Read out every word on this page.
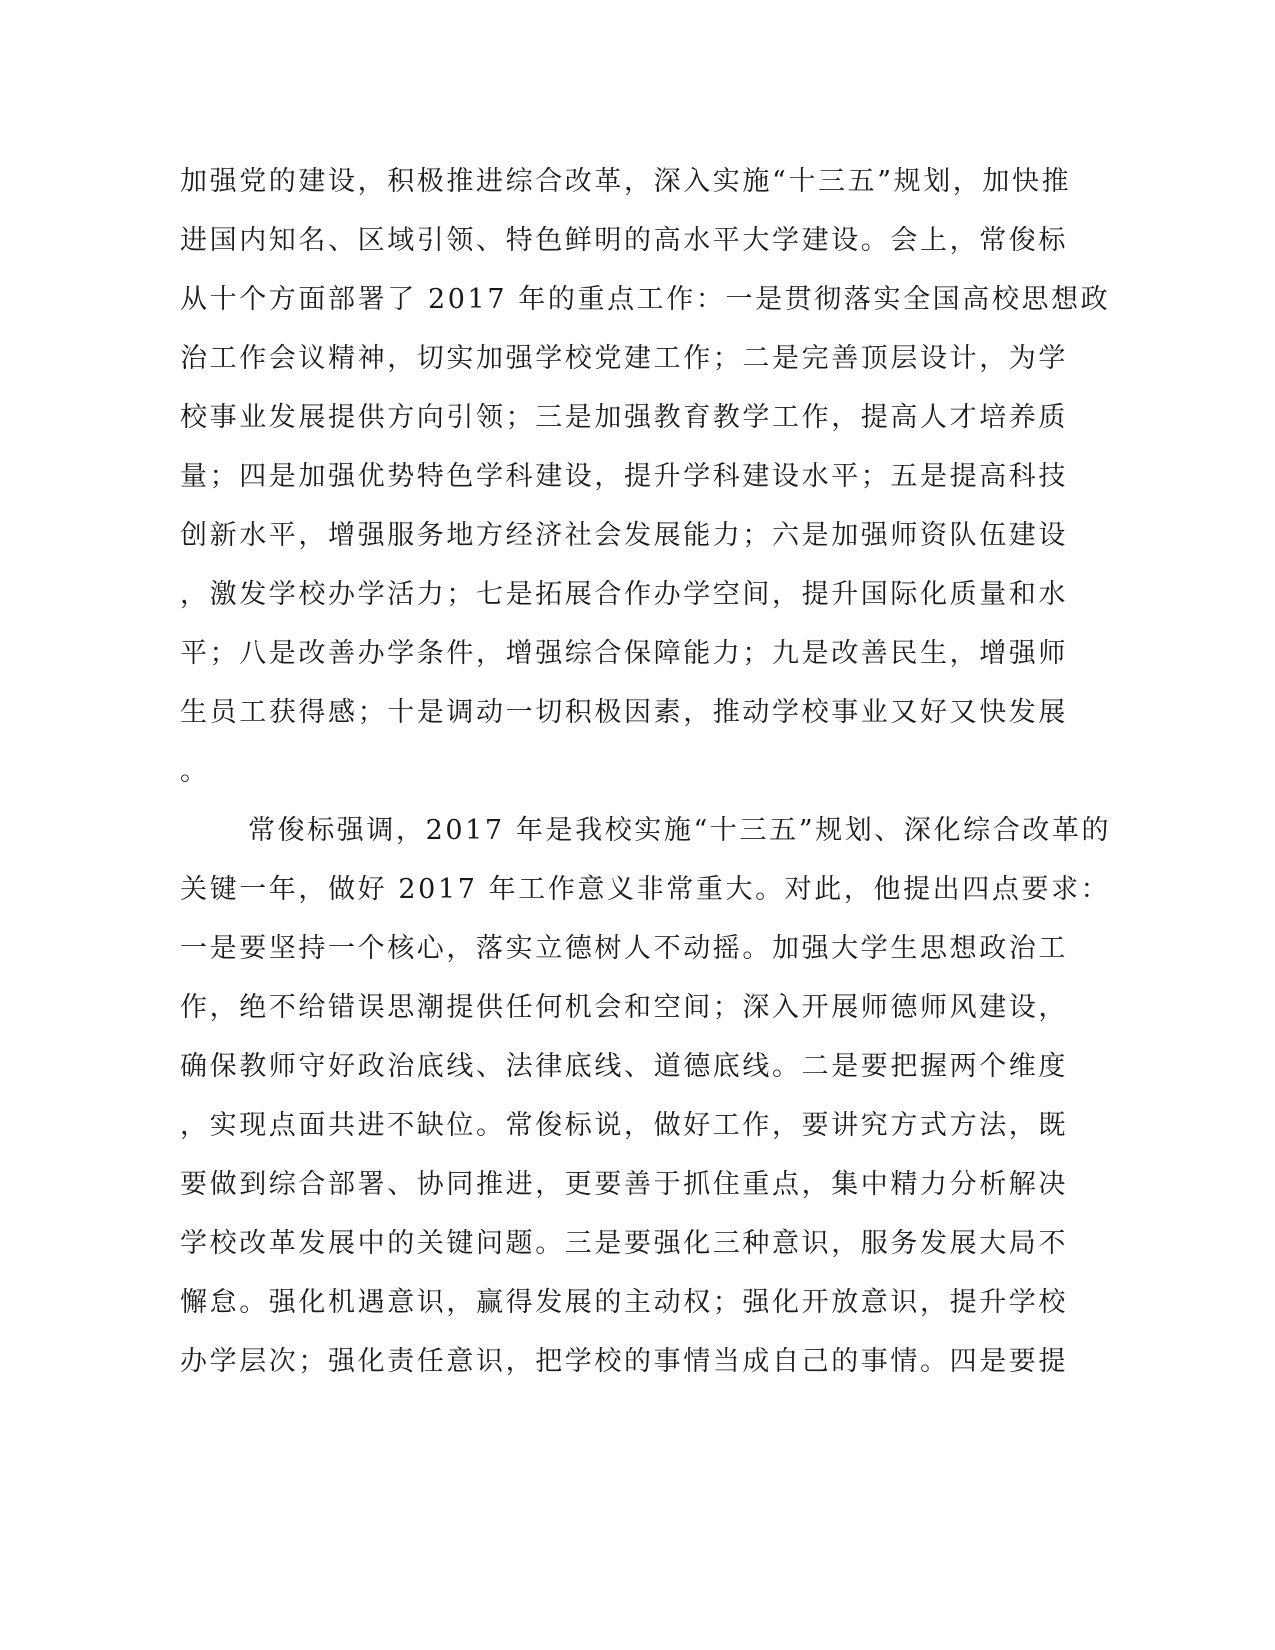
加强党的建设，积极推进综合改革，深入实施“十三五”规划，加快推
进国内知名、区域引领、特色鲜明的高水平大学建设。会上，常俊标
从十个方面部署了 2017 年的重点工作：一是贯彻落实全国高校思想政
治工作会议精神，切实加强学校党建工作；二是完善顶层设计，为学
校事业发展提供方向引领；三是加强教育教学工作，提高人才培养质
量；四是加强优势特色学科建设，提升学科建设水平；五是提高科技
创新水平，增强服务地方经济社会发展能力；六是加强师资队伍建设
，激发学校办学活力；七是拓展合作办学空间，提升国际化质量和水
平；八是改善办学条件，增强综合保障能力；九是改善民生，增强师
生员工获得感；十是调动一切积极因素，推动学校事业又好又快发展
。
常俊标强调，2017 年是我校实施“十三五”规划、深化综合改革的
关键一年，做好 2017 年工作意义非常重大。对此，他提出四点要求：
一是要坚持一个核心，落实立德树人不动摇。加强大学生思想政治工
作，绝不给错误思潮提供任何机会和空间；深入开展师德师风建设，
确保教师守好政治底线、法律底线、道德底线。二是要把握两个维度
，实现点面共进不缺位。常俊标说，做好工作，要讲究方式方法，既
要做到综合部署、协同推进，更要善于抓住重点，集中精力分析解决
学校改革发展中的关键问题。三是要强化三种意识，服务发展大局不
懈怠。强化机遇意识，赢得发展的主动权；强化开放意识，提升学校
办学层次；强化责任意识，把学校的事情当成自己的事情。四是要提
